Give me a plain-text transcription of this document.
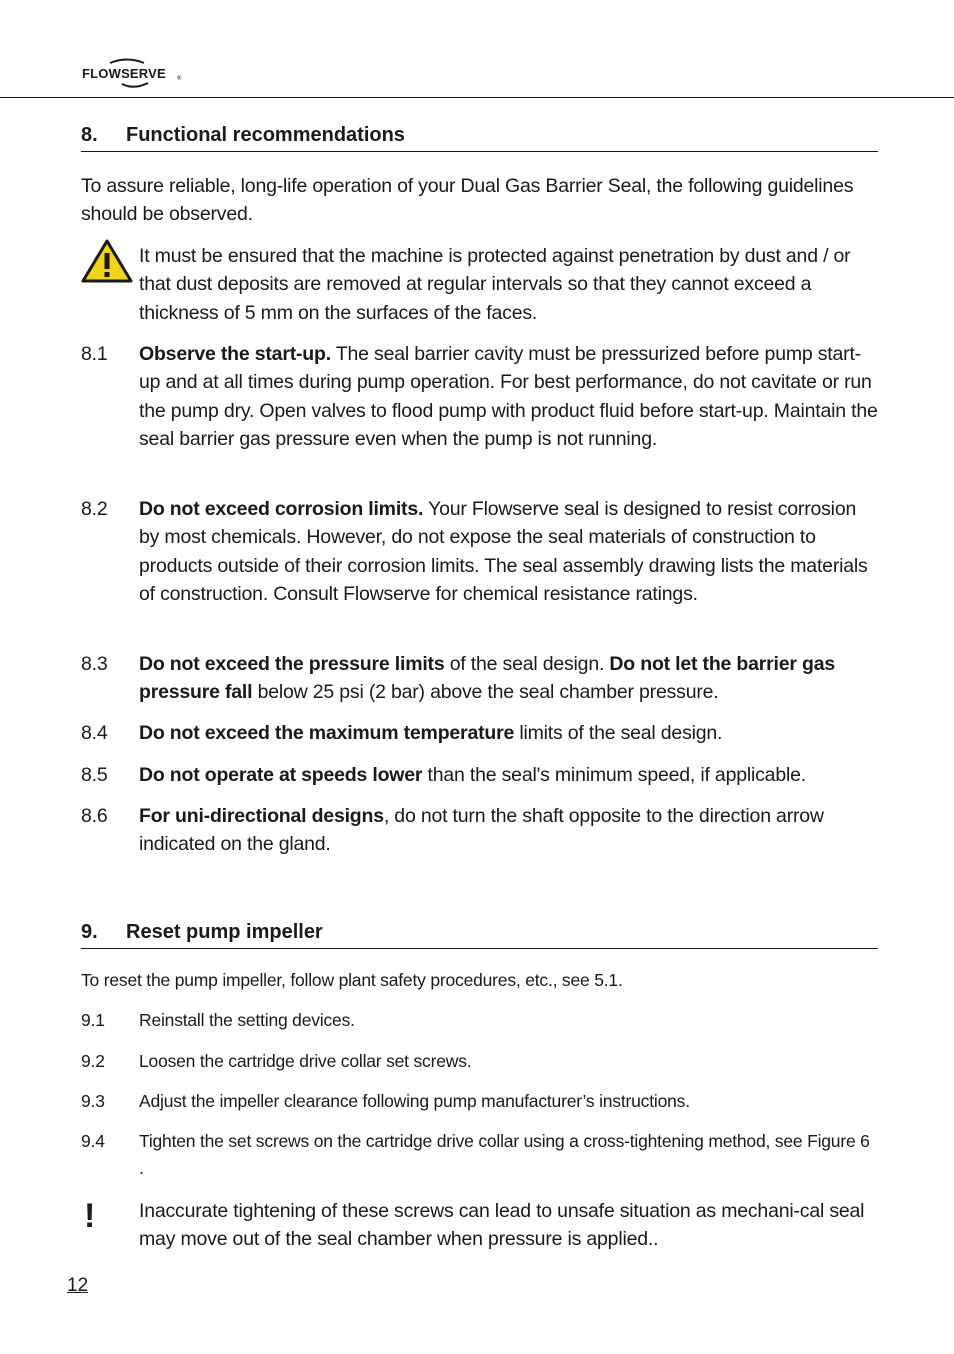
FLOWSERVE ®
8. Functional recommendations
To assure reliable, long-life operation of your Dual Gas Barrier Seal, the following guidelines should be observed.
It must be ensured that the machine is protected against penetration by dust and / or that dust deposits are removed at regular intervals so that they cannot exceed a thickness of 5 mm on the surfaces of the faces.
8.1	Observe the start-up. The seal barrier cavity must be pressurized before pump start-up and at all times during pump operation. For best performance, do not cavitate or run the pump dry. Open valves to flood pump with product fluid before start-up. Maintain the seal barrier gas pressure even when the pump is not running.
8.2	Do not exceed corrosion limits. Your Flowserve seal is designed to resist corrosion by most chemicals. However, do not expose the seal materials of construction to products outside of their corrosion limits. The seal assembly drawing lists the materials of construction. Consult Flowserve for chemical resistance ratings.
8.3	Do not exceed the pressure limits of the seal design. Do not let the barrier gas pressure fall below 25 psi (2 bar) above the seal chamber pressure.
8.4	Do not exceed the maximum temperature limits of the seal design.
8.5	Do not operate at speeds lower than the seal's minimum speed, if applicable.
8.6	For uni-directional designs, do not turn the shaft opposite to the direction arrow indicated on the gland.
9. Reset pump impeller
To reset the pump impeller, follow plant safety procedures, etc., see 5.1.
9.1	Reinstall the setting devices.
9.2	Loosen the cartridge drive collar set screws.
9.3	Adjust the impeller clearance following pump manufacturer’s instructions.
9.4	Tighten the set screws on the cartridge drive collar using a cross-tightening method, see Figure 6 .
! Inaccurate tightening of these screws can lead to unsafe situation as mechani-cal seal may move out of the seal chamber when pressure is applied..
12
